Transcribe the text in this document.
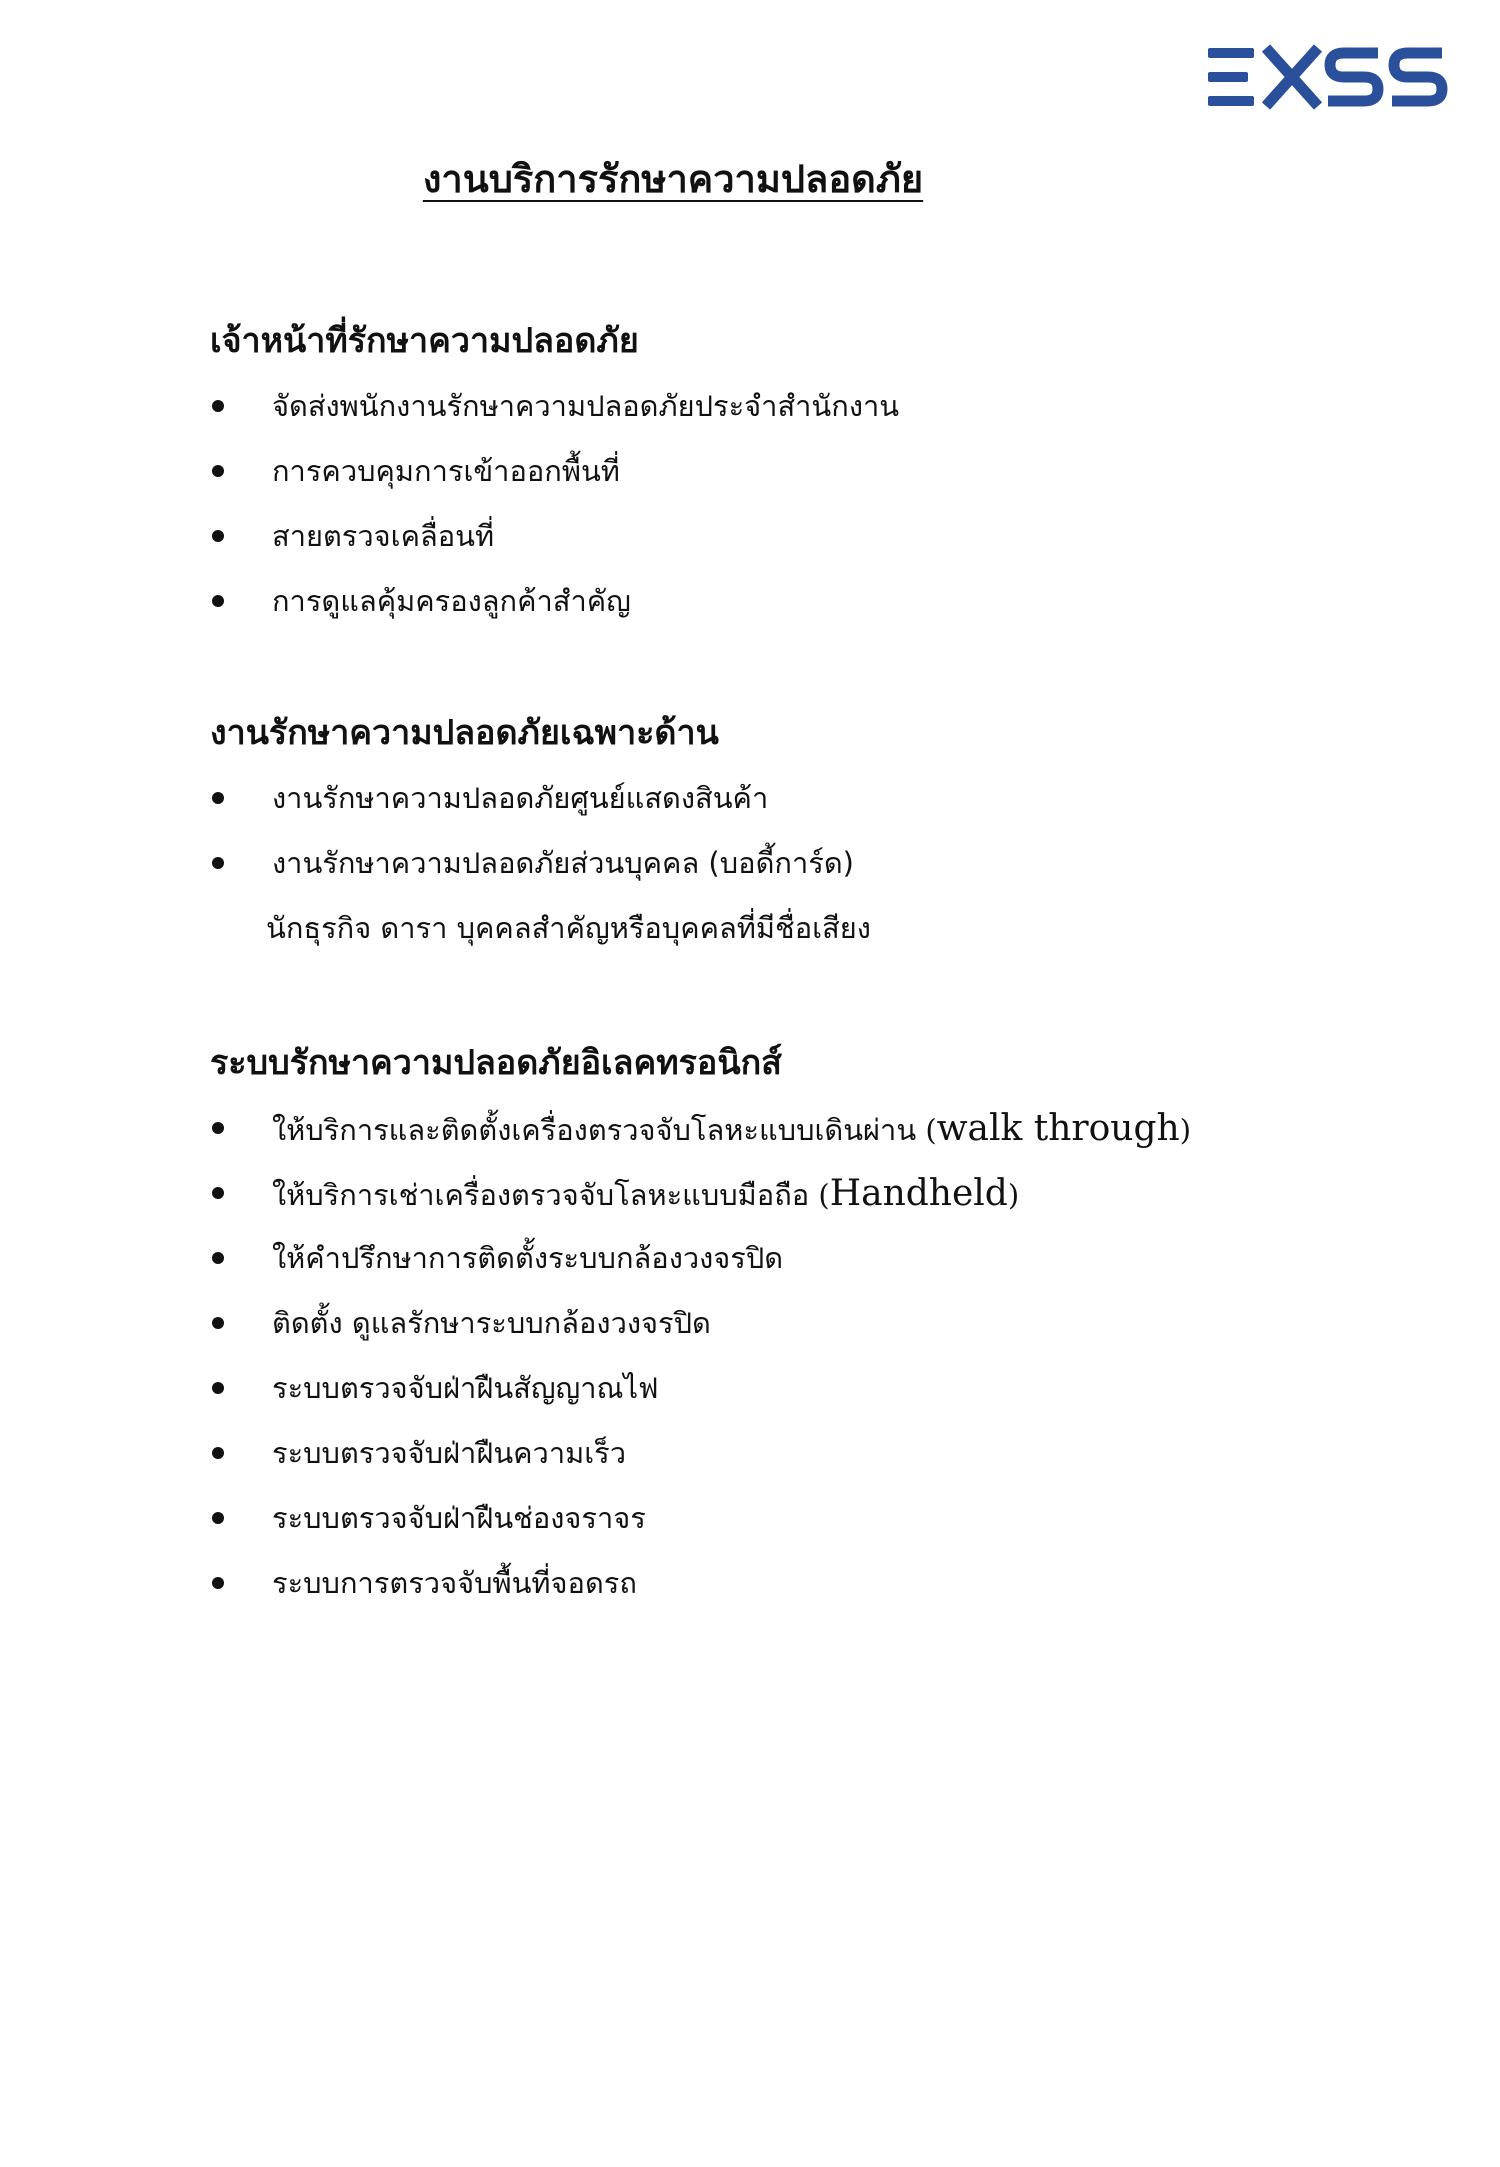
งานบริการรักษาความปลอดภัย
เจ้าหน้าที่รักษาความปลอดภัย
จัดส่งพนักงานรักษาความปลอดภัยประจำสำนักงาน
การควบคุมการเข้าออกพื้นที่
สายตรวจเคลื่อนที่
การดูแลคุ้มครองลูกค้าสำคัญ
งานรักษาความปลอดภัยเฉพาะด้าน
งานรักษาความปลอดภัยศูนย์แสดงสินค้า
งานรักษาความปลอดภัยส่วนบุคคล (บอดี้การ์ด)
นักธุรกิจ ดารา บุคคลสำคัญหรือบุคคลที่มีชื่อเสียง
ระบบรักษาความปลอดภัยอิเลคทรอนิกส์
ให้บริการและติดตั้งเครื่องตรวจจับโลหะแบบเดินผ่าน (walk through)
ให้บริการเช่าเครื่องตรวจจับโลหะแบบมือถือ (Handheld)
ให้คำปรึกษาการติดตั้งระบบกล้องวงจรปิด
ติดตั้ง ดูแลรักษาระบบกล้องวงจรปิด
ระบบตรวจจับฝ่าฝืนสัญญาณไฟ
ระบบตรวจจับฝ่าฝืนความเร็ว
ระบบตรวจจับฝ่าฝืนช่องจราจร
ระบบการตรวจจับพื้นที่จอดรถ
